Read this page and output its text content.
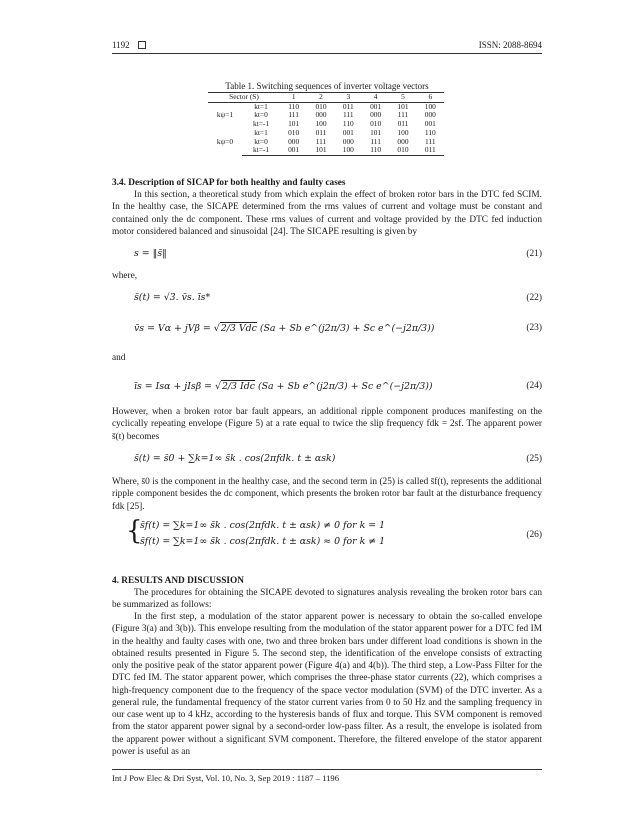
1192	ISSN: 2088-8694
Table 1. Switching sequences of inverter voltage vectors
Sector (S)		1	2	3	4	5	6
kψ=1	kt=1	110	010	011	001	101	100
	kt=0	111	000	111	000	111	000
	kt=-1	101	100	110	010	011	001
kψ=0	kt=1	010	011	001	101	100	110
	kt=0	000	111	000	111	000	111
	kt=-1	001	101	100	110	010	011
3.4. Description of SICAP for both healthy and faulty cases
In this section, a theoretical study from which explain the effect of broken rotor bars in the DTC fed SCIM. In the healthy case, the SICAPE determined from the rms values of current and voltage must be constant and contained only the dc component. These rms values of current and voltage provided by the DTC fed induction motor considered balanced and sinusoidal [24]. The SICAPE resulting is given by
s = ‖s̄‖	(21)
where,
s̄(t) = √3. v̄s. īs*	(22)
v̄s = Vα + jVβ = √2/3 Vdc (Sa + Sb e^(j2π/3) + Sc e^(−j2π/3))	(23)
and
īs = Isα + jIsβ = √2/3 Idc (Sa + Sb e^(j2π/3) + Sc e^(−j2π/3))	(24)
However, when a broken rotor bar fault appears, an additional ripple component produces manifesting on the cyclically repeating envelope (Figure 5) at a rate equal to twice the slip frequency fdk = 2sf. The apparent power s̄(t) becomes
s̄(t) = s̄0 + ∑k=1∞ s̄k . cos(2πfdk. t ± αsk)	(25)
Where, s̄0 is the component in the healthy case, and the second term in (25) is called s̄f(t), represents the additional ripple component besides the dc component, which presents the broken rotor bar fault at the disturbance frequency fdk [25].
{
s̄f(t) = ∑k=1∞ s̄k . cos(2πfdk. t ± αsk) ≠ 0 for k = 1
s̄f(t) = ∑k=1∞ s̄k . cos(2πfdk. t ± αsk) ≈ 0 for k ≠ 1
(26)
4. RESULTS AND DISCUSSION
The procedures for obtaining the SICAPE devoted to signatures analysis revealing the broken rotor bars can be summarized as follows:
In the first step, a modulation of the stator apparent power is necessary to obtain the so-called envelope (Figure 3(a) and 3(b)). This envelope resulting from the modulation of the stator apparent power for a DTC fed IM in the healthy and faulty cases with one, two and three broken bars under different load conditions is shown in the obtained results presented in Figure 5. The second step, the identification of the envelope consists of extracting only the positive peak of the stator apparent power (Figure 4(a) and 4(b)). The third step, a Low-Pass Filter for the DTC fed IM. The stator apparent power, which comprises the three-phase stator currents (22), which comprises a high-frequency component due to the frequency of the space vector modulation (SVM) of the DTC inverter. As a general rule, the fundamental frequency of the stator current varies from 0 to 50 Hz and the sampling frequency in our case went up to 4 kHz, according to the hysteresis bands of flux and torque. This SVM component is removed from the stator apparent power signal by a second-order low-pass filter. As a result, the envelope is isolated from the apparent power without a significant SVM component. Therefore, the filtered envelope of the stator apparent power is useful as an
Int J Pow Elec & Dri Syst, Vol. 10, No. 3, Sep 2019 : 1187 – 1196
